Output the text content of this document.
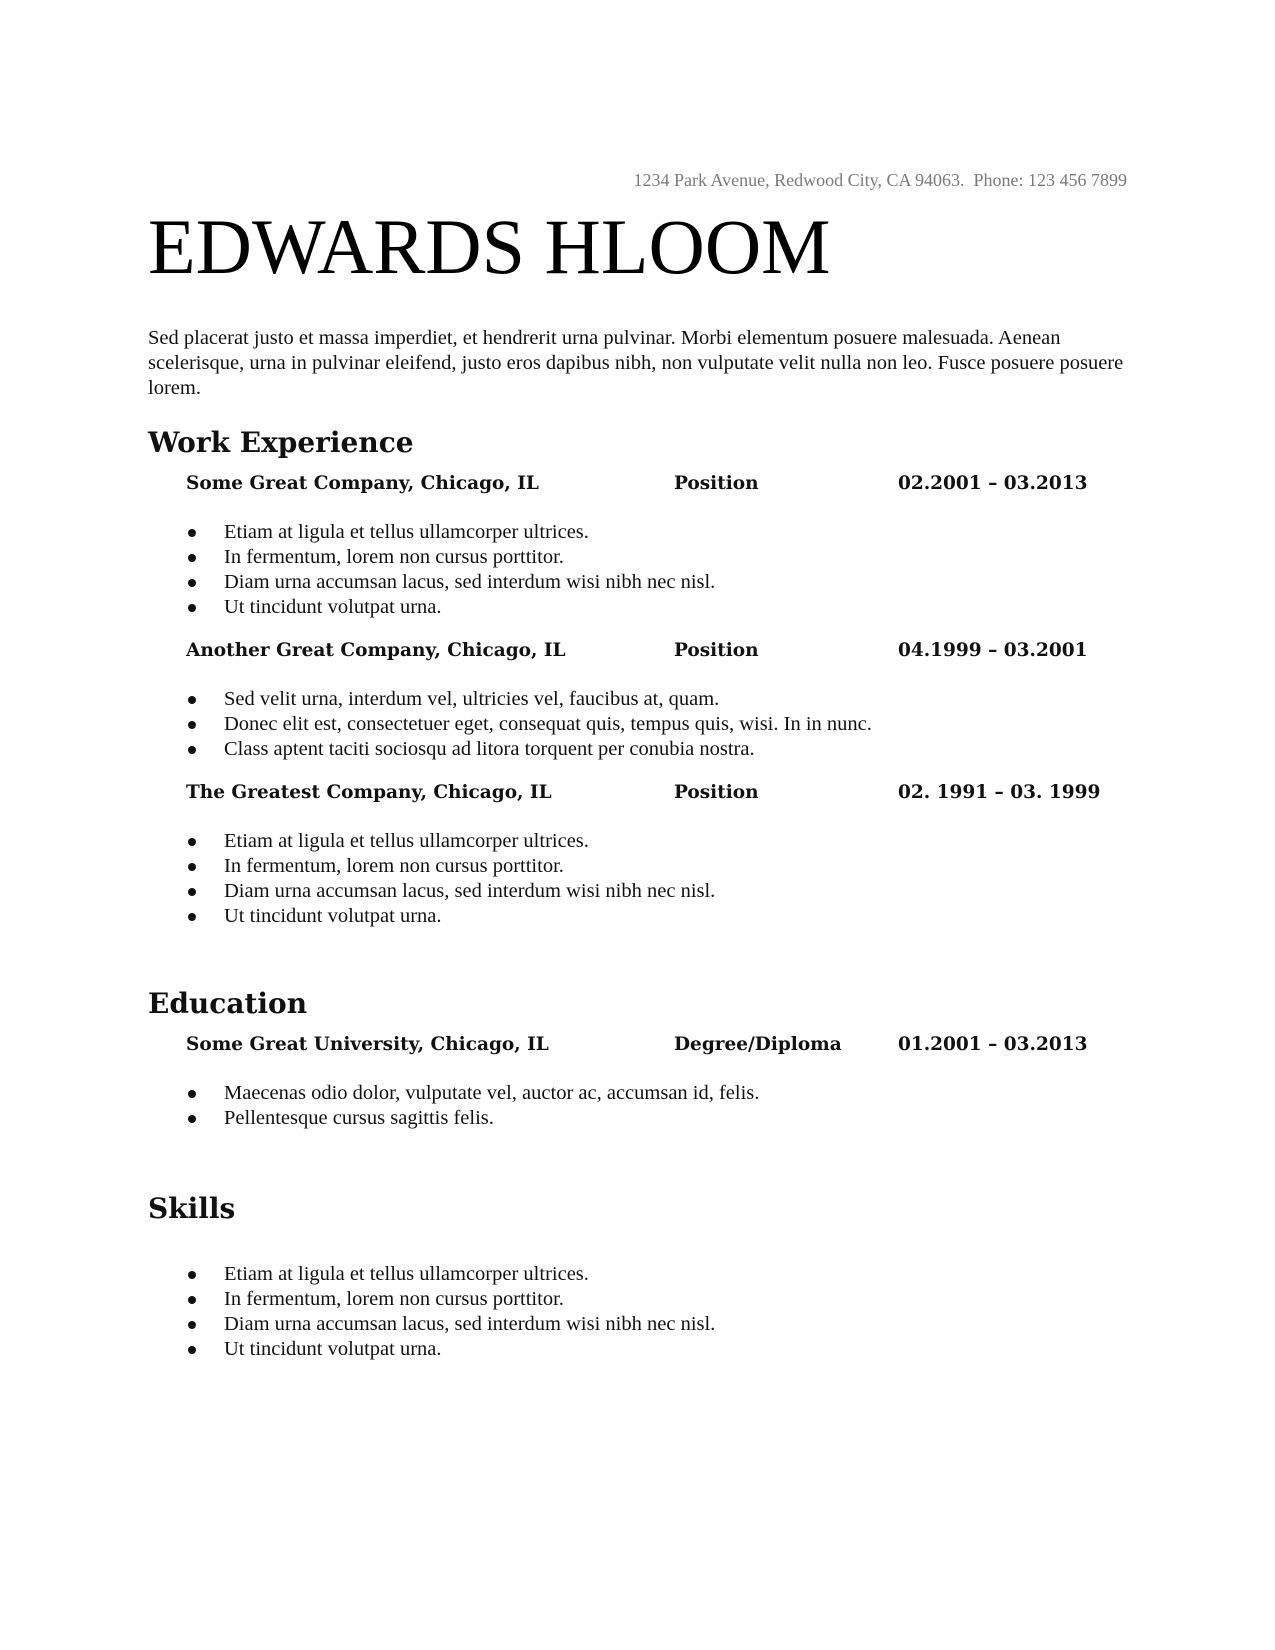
1234 Park Avenue, Redwood City, CA 94063.  Phone: 123 456 7899
EDWARDS HLOOM

Sed placerat justo et massa imperdiet, et hendrerit urna pulvinar. Morbi elementum posuere malesuada. Aenean scelerisque, urna in pulvinar eleifend, justo eros dapibus nibh, non vulputate velit nulla non leo. Fusce posuere posuere lorem.

Work Experience
Some Great Company, Chicago, IL	Position	02.2001 – 03.2013
Etiam at ligula et tellus ullamcorper ultrices.
In fermentum, lorem non cursus porttitor.
Diam urna accumsan lacus, sed interdum wisi nibh nec nisl.
Ut tincidunt volutpat urna.
Another Great Company, Chicago, IL	Position	04.1999 – 03.2001
Sed velit urna, interdum vel, ultricies vel, faucibus at, quam.
Donec elit est, consectetuer eget, consequat quis, tempus quis, wisi. In in nunc.
Class aptent taciti sociosqu ad litora torquent per conubia nostra.
The Greatest Company, Chicago, IL	Position	02. 1991 – 03. 1999
Etiam at ligula et tellus ullamcorper ultrices.
In fermentum, lorem non cursus porttitor.
Diam urna accumsan lacus, sed interdum wisi nibh nec nisl.
Ut tincidunt volutpat urna.
Education
Some Great University, Chicago, IL	Degree/Diploma	01.2001 – 03.2013
Maecenas odio dolor, vulputate vel, auctor ac, accumsan id, felis.
Pellentesque cursus sagittis felis.
Skills
Etiam at ligula et tellus ullamcorper ultrices.
In fermentum, lorem non cursus porttitor.
Diam urna accumsan lacus, sed interdum wisi nibh nec nisl.
Ut tincidunt volutpat urna.
